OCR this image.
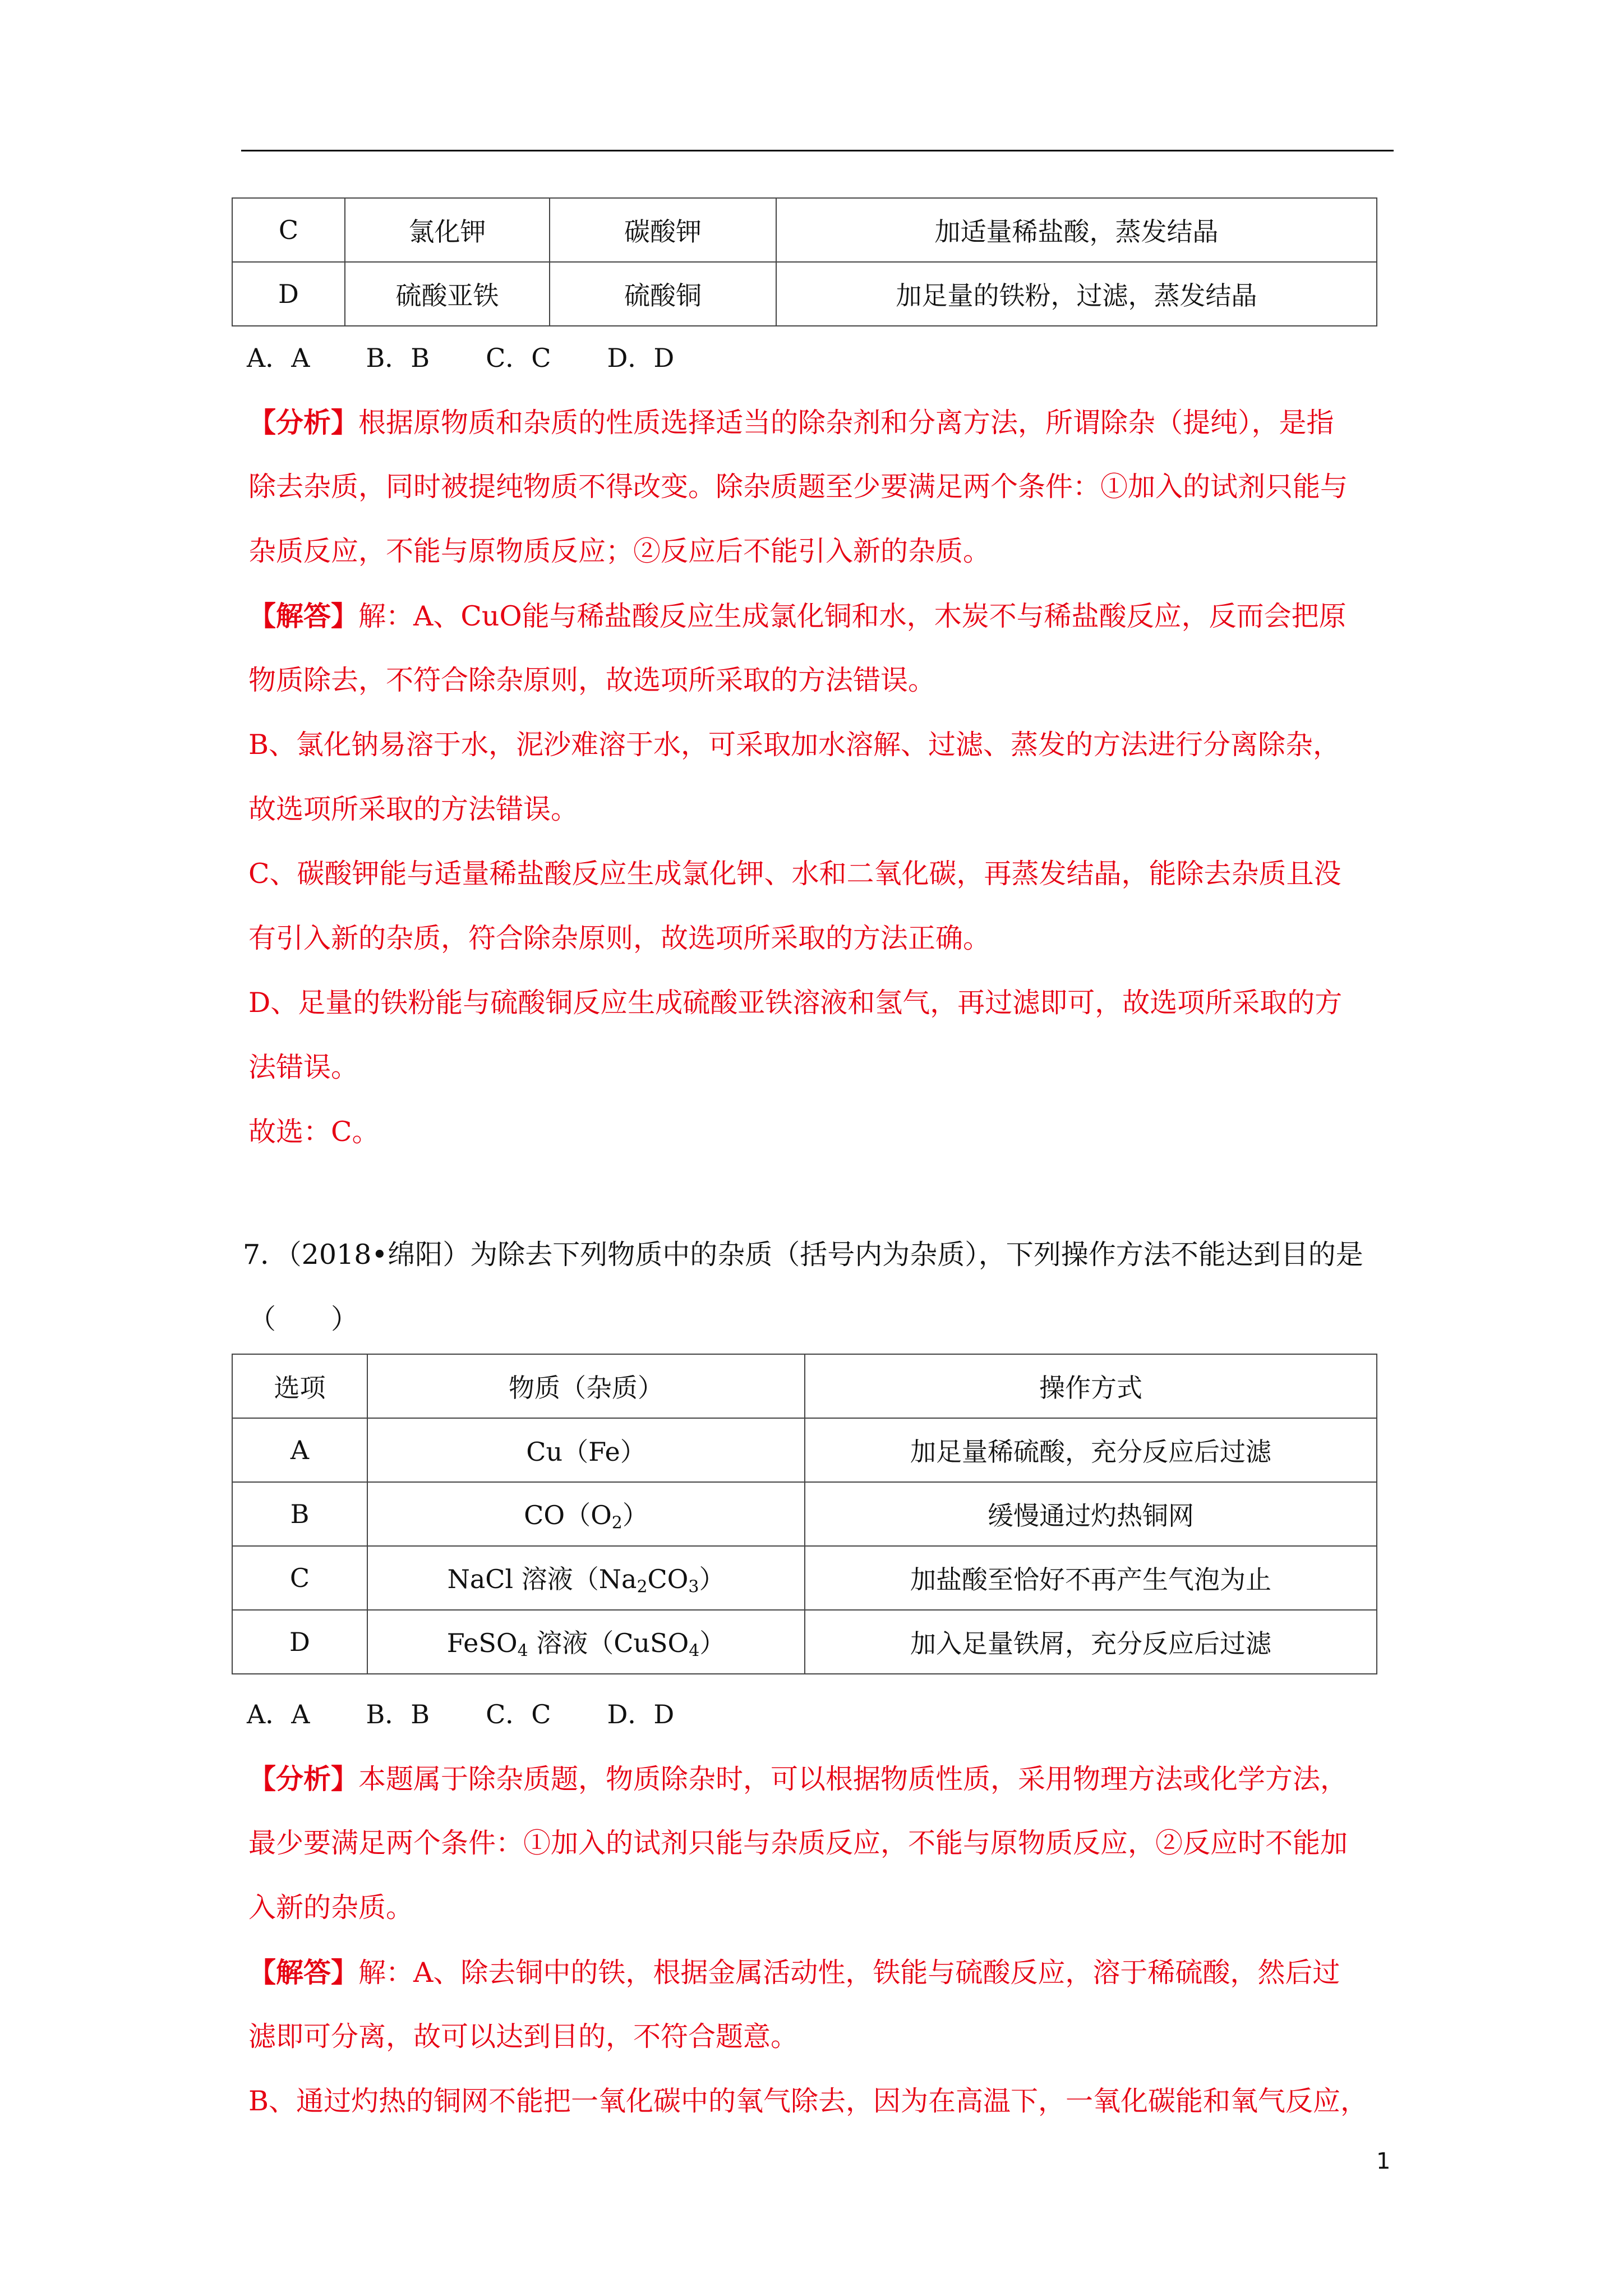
C	氯化钾	碳酸钾	加适量稀盐酸，蒸发结晶
D	硫酸亚铁	硫酸铜	加足量的铁粉，过滤，蒸发结晶
A．A B．B C．C D．D
【分析】根据原物质和杂质的性质选择适当的除杂剂和分离方法，所谓除杂（提纯），是指
除去杂质，同时被提纯物质不得改变。除杂质题至少要满足两个条件：①加入的试剂只能与
杂质反应，不能与原物质反应；②反应后不能引入新的杂质。
【解答】解：A、CuO能与稀盐酸反应生成氯化铜和水，木炭不与稀盐酸反应，反而会把原
物质除去，不符合除杂原则，故选项所采取的方法错误。
B、氯化钠易溶于水，泥沙难溶于水，可采取加水溶解、过滤、蒸发的方法进行分离除杂，
故选项所采取的方法错误。
C、碳酸钾能与适量稀盐酸反应生成氯化钾、水和二氧化碳，再蒸发结晶，能除去杂质且没
有引入新的杂质，符合除杂原则，故选项所采取的方法正确。
D、足量的铁粉能与硫酸铜反应生成硫酸亚铁溶液和氢气，再过滤即可，故选项所采取的方
法错误。
故选：C。
7．（2018•绵阳）为除去下列物质中的杂质（括号内为杂质），下列操作方法不能达到目的是
（　　）
选项	物质（杂质）	操作方式
A	Cu（Fe）	加足量稀硫酸，充分反应后过滤
B	$CO(O_2)$	缓慢通过灼热铜网
C	NaCl 溶液$(Na_2CO_3)$	加盐酸至恰好不再产生气泡为止
D	FeSO$_4$ 溶液（CuSO$_4$）	加入足量铁屑，充分反应后过滤
A．A B．B C．C D．D
【分析】本题属于除杂质题，物质除杂时，可以根据物质性质，采用物理方法或化学方法，
最少要满足两个条件：①加入的试剂只能与杂质反应，不能与原物质反应，②反应时不能加
入新的杂质。
【解答】解：A、除去铜中的铁，根据金属活动性，铁能与硫酸反应，溶于稀硫酸，然后过
滤即可分离，故可以达到目的，不符合题意。
B、通过灼热的铜网不能把一氧化碳中的氧气除去，因为在高温下，一氧化碳能和氧气反应，
1
